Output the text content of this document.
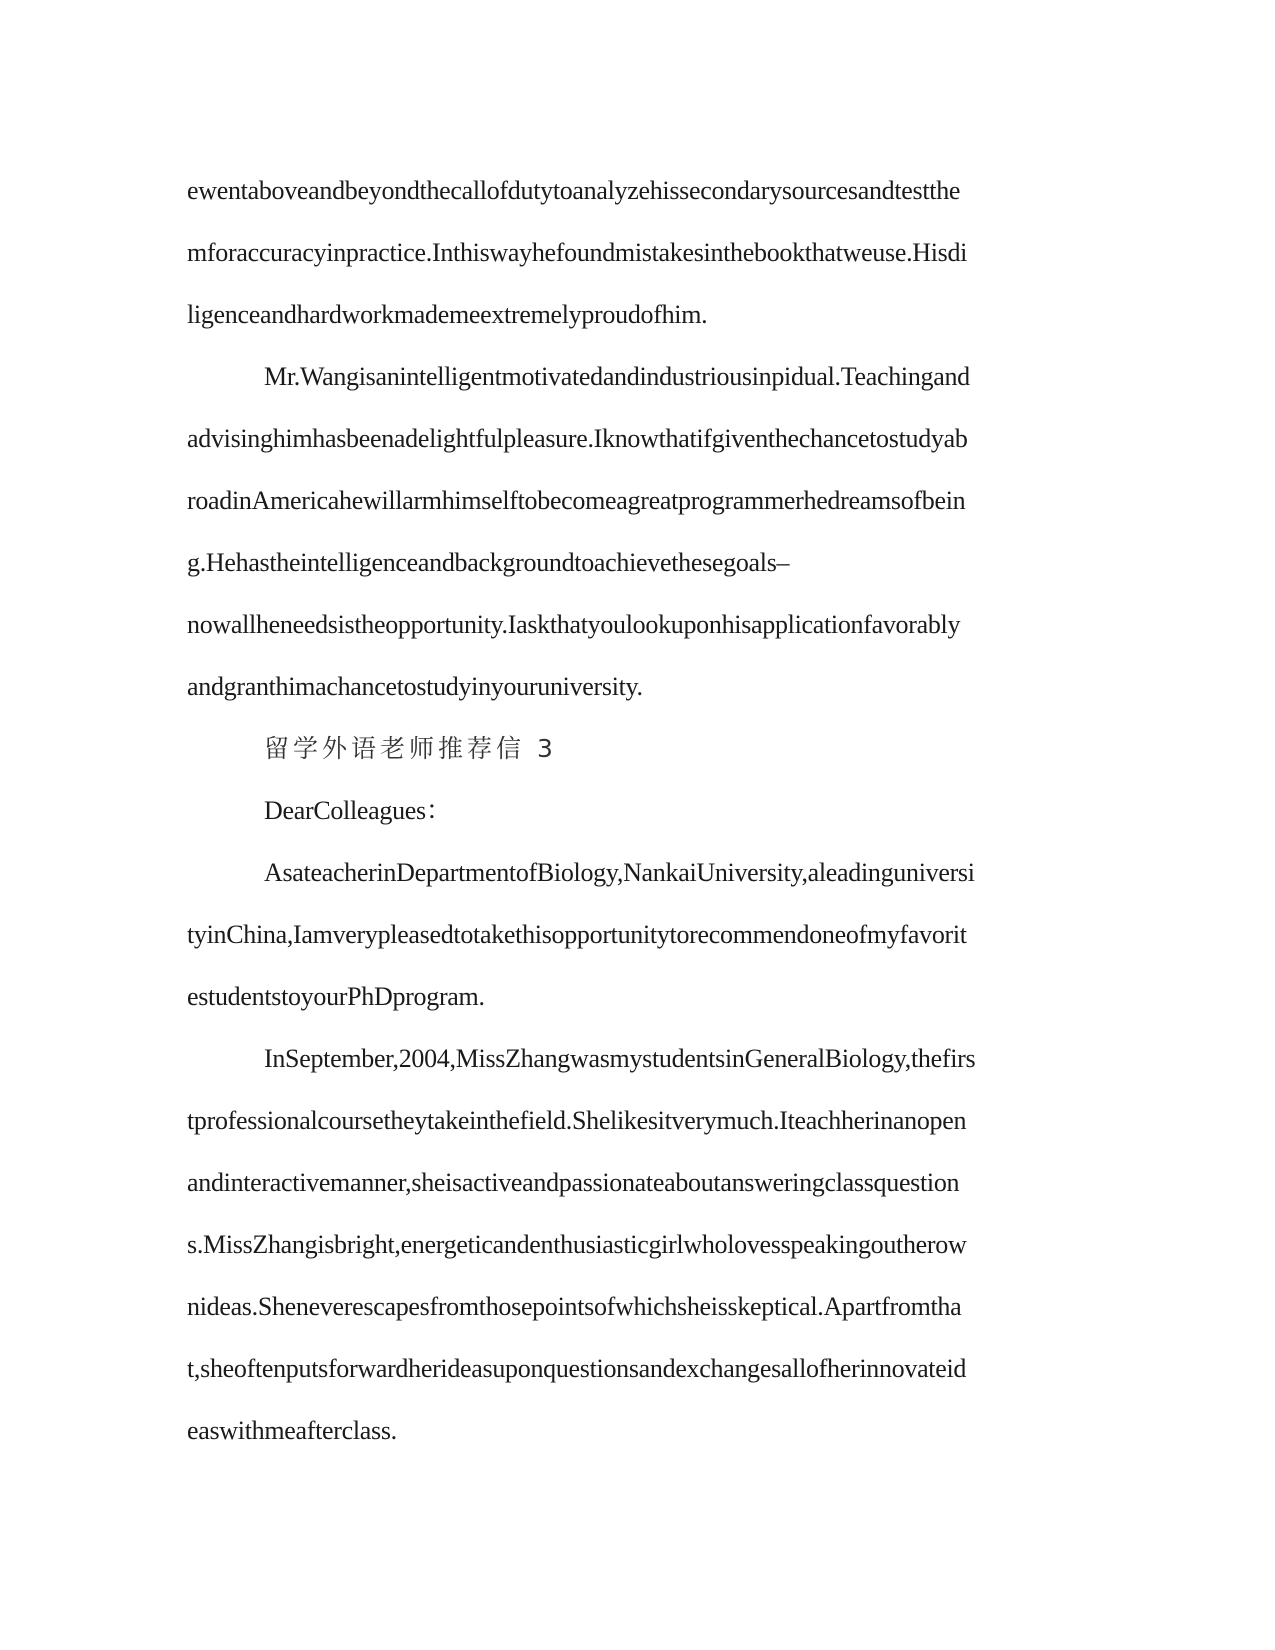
ewentaboveandbeyondthecallofdutytoanalyzehissecondarysourcesandtestthe
mforaccuracyinpractice.Inthiswayhefoundmistakesinthebookthatweuse.Hisdi
ligenceandhardworkmademeextremelyproudofhim.
Mr.Wangisanintelligentmotivatedandindustriousinpidual.Teachingand
advisinghimhasbeenadelightfulpleasure.Iknowthatifgiventhechancetostudyab
roadinAmericahewillarmhimselftobecomeagreatprogrammerhedreamsofbein
g.Hehastheintelligenceandbackgroundtoachievethesegoals–
nowallheneedsistheopportunity.Iaskthatyoulookuponhisapplicationfavorably
andgranthimachancetostudyinyouruniversity.
留学外语老师推荐信 3
DearColleagues：
AsateacherinDepartmentofBiology,NankaiUniversity,aleadinguniversi
tyinChina,Iamverypleasedtotakethisopportunitytorecommendoneofmyfavorit
estudentstoyourPhDprogram.
InSeptember,2004,MissZhangwasmystudentsinGeneralBiology,thefirs
tprofessionalcoursetheytakeinthefield.Shelikesitverymuch.Iteachherinanopen
andinteractivemanner,sheisactiveandpassionateaboutansweringclassquestion
s.MissZhangisbright,energeticandenthusiasticgirlwholovesspeakingoutherow
nideas.Sheneverescapesfromthosepointsofwhichsheisskeptical.Apartfromtha
t,sheoftenputsforwardherideasuponquestionsandexchangesallofherinnovateid
easwithmeafterclass.
